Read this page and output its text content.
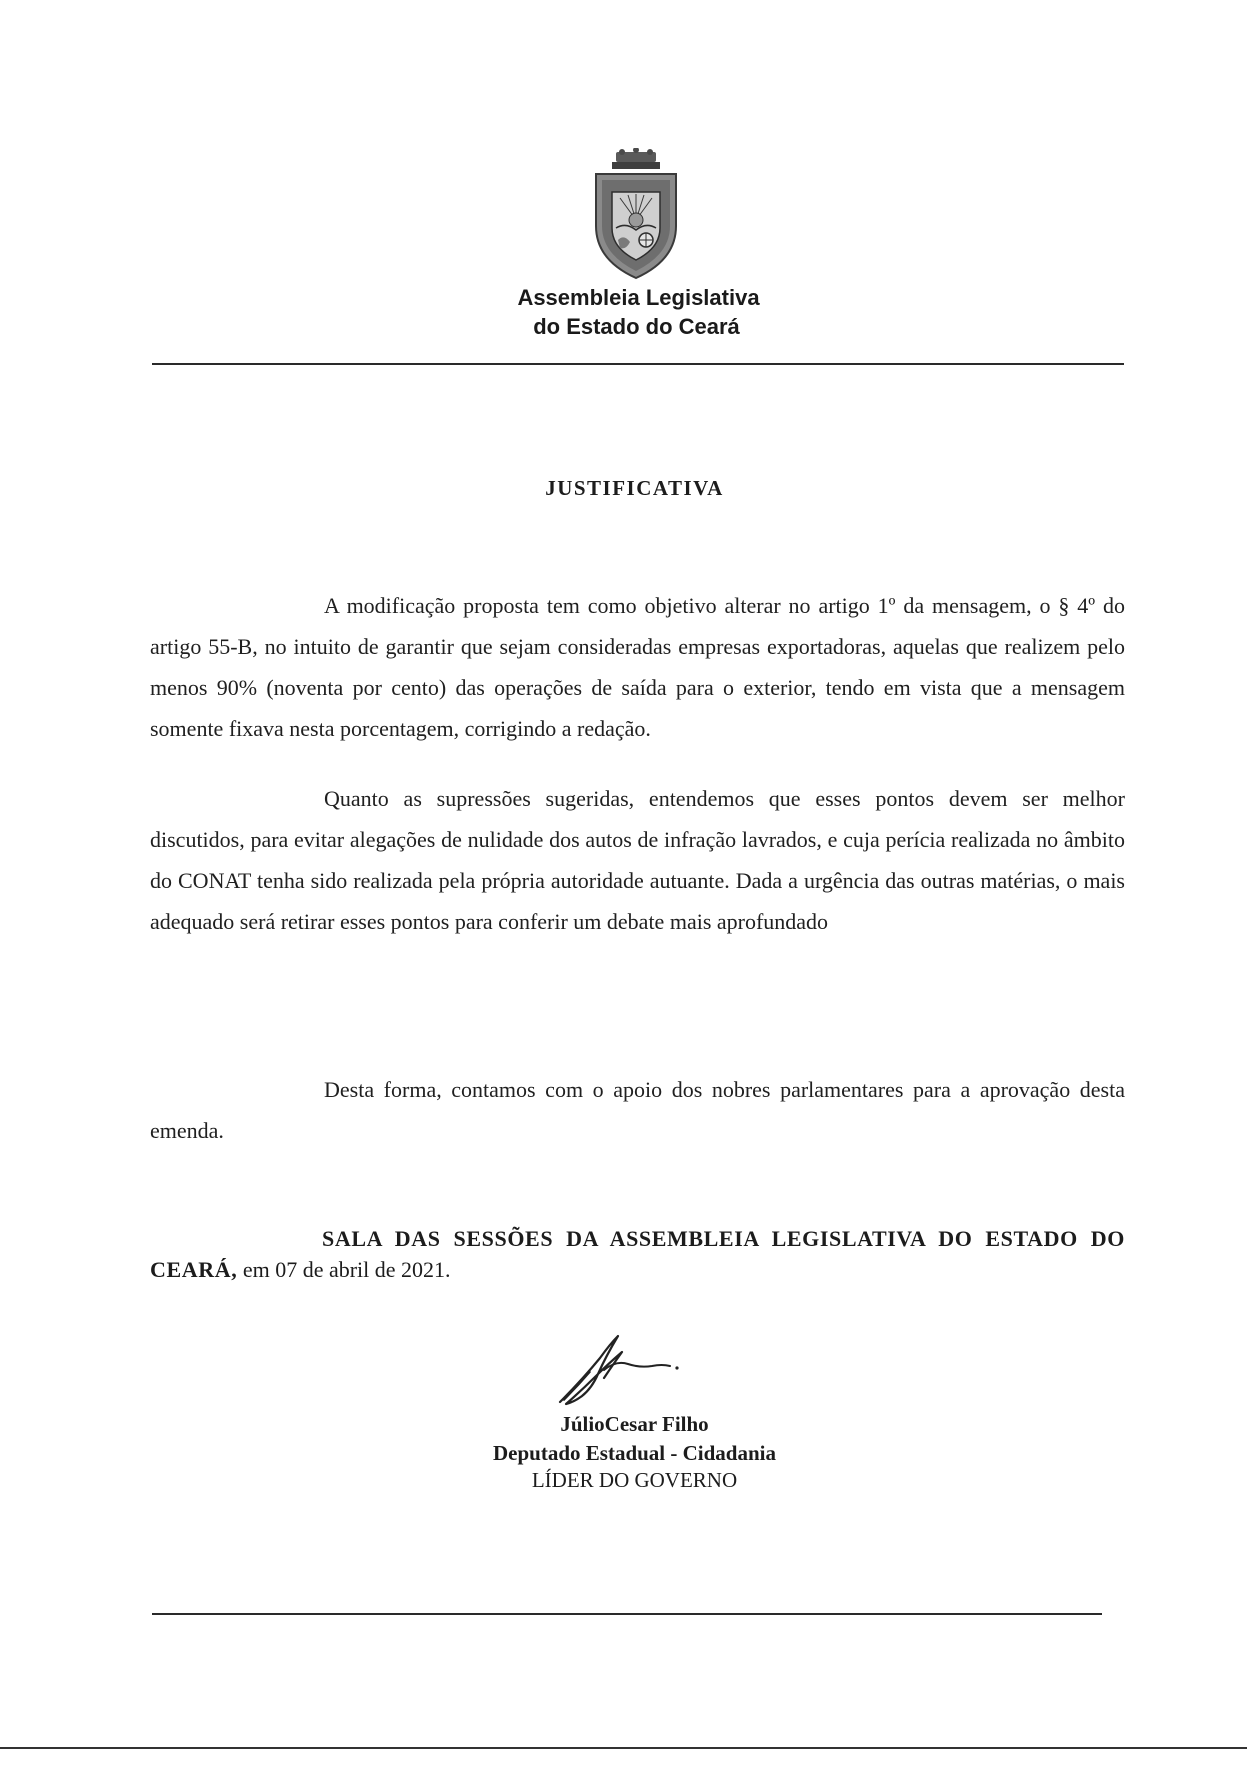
Assembleia Legislativa
do Estado do Ceará
JUSTIFICATIVA

A modificação proposta tem como objetivo alterar no artigo 1º da mensagem, o § 4º do artigo 55-B, no intuito de garantir que sejam consideradas empresas exportadoras, aquelas que realizem pelo menos 90% (noventa por cento) das operações de saída para o exterior, tendo em vista que a mensagem somente fixava nesta porcentagem, corrigindo a redação.

Quanto as supressões sugeridas, entendemos que esses pontos devem ser melhor discutidos, para evitar alegações de nulidade dos autos de infração lavrados, e cuja perícia realizada no âmbito do CONAT tenha sido realizada pela própria autoridade autuante. Dada a urgência das outras matérias, o mais adequado será retirar esses pontos para conferir um debate mais aprofundado

Desta forma, contamos com o apoio dos nobres parlamentares para a aprovação desta emenda.

SALA DAS SESSÕES DA ASSEMBLEIA LEGISLATIVA DO ESTADO DO CEARÁ, em 07 de abril de 2021.

JúlioCesar Filho
Deputado Estadual - Cidadania
LÍDER DO GOVERNO
